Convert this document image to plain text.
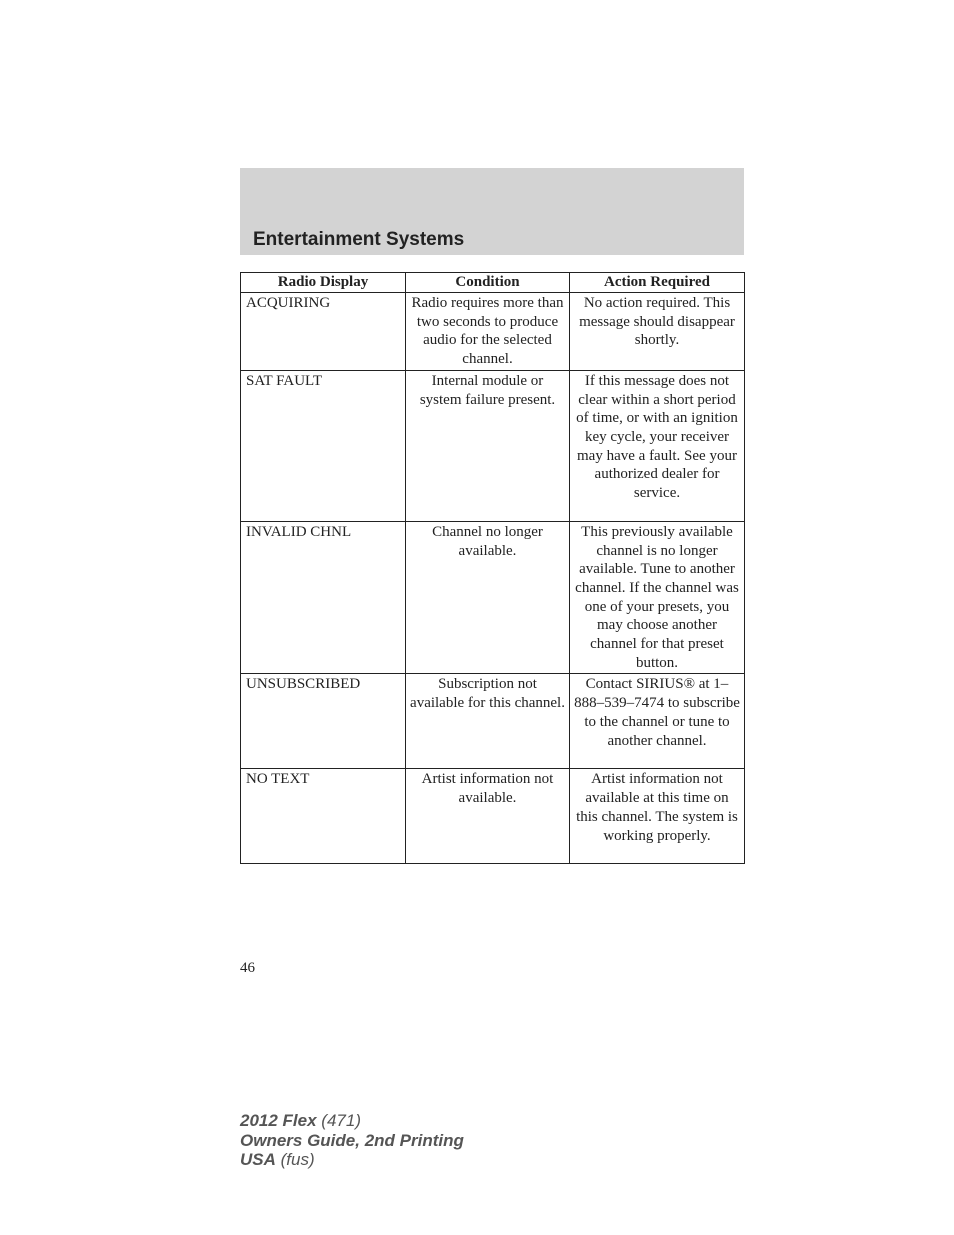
Entertainment Systems
Radio Display	Condition	Action Required
ACQUIRING	Radio requires more than two seconds to produce audio for the selected channel.	No action required. This message should disappear shortly.
SAT FAULT	Internal module or system failure present.	If this message does not clear within a short period of time, or with an ignition key cycle, your receiver may have a fault. See your authorized dealer for service.
INVALID CHNL	Channel no longer available.	This previously available channel is no longer available. Tune to another channel. If the channel was one of your presets, you may choose another channel for that preset button.
UNSUBSCRIBED	Subscription not available for this channel.	Contact SIRIUS® at 1–888–539–7474 to subscribe to the channel or tune to another channel.
NO TEXT	Artist information not available.	Artist information not available at this time on this channel. The system is working properly.
46
2012 Flex (471)
Owners Guide, 2nd Printing
USA (fus)
